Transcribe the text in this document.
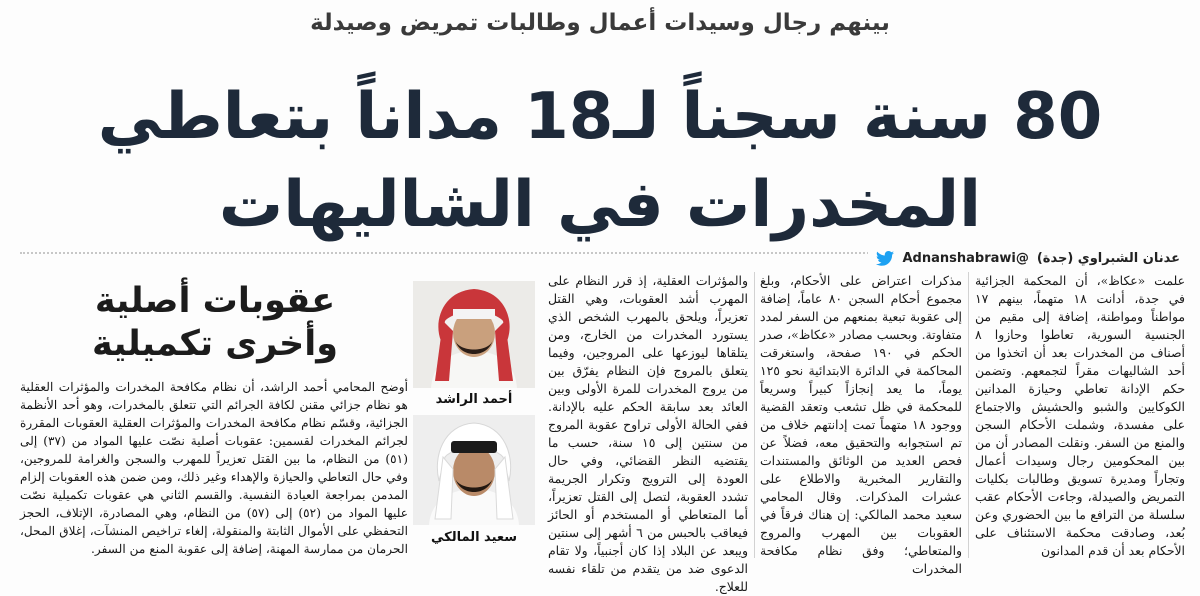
بينهم رجال وسيدات أعمال وطالبات تمريض وصيدلة
80 سنة سجناً لـ18 مداناً بتعاطي
المخدرات في الشاليهات
عدنان الشبراوي (جدة)
@Adnanshabrawi

علمت «عكاظ»، أن المحكمة الجزائية في جدة، أدانت ١٨ متهماً، بينهم ١٧ مواطناً ومواطنة، إضافة إلى مقيم من الجنسية السورية، تعاطوا وحازوا ٨ أصناف من المخدرات بعد أن اتخذوا من أحد الشاليهات مقراً لتجمعهم. وتضمن حكم الإدانة تعاطي وحيازة المدانين الكوكايين والشبو والحشيش والاجتماع على مفسدة، وشملت الأحكام السجن والمنع من السفر. ونقلت المصادر أن من بين المحكومين رجال وسيدات أعمال وتجاراً ومديرة تسويق وطالبات بكليات التمريض والصيدلة، وجاءت الأحكام عقب سلسلة من الترافع ما بين الحضوري وعن بُعد، وصادقت محكمة الاستئناف على الأحكام بعد أن قدم المدانون

مذكرات اعتراض على الأحكام، وبلغ مجموع أحكام السجن ٨٠ عاماً، إضافة إلى عقوبة تبعية بمنعهم من السفر لمدد متفاوتة. وبحسب مصادر «عكاظ»، صدر الحكم في ١٩٠ صفحة، واستغرقت المحاكمة في الدائرة الابتدائية نحو ١٢٥ يوماً، ما يعد إنجازاً كبيراً وسريعاً للمحكمة في ظل تشعب وتعقد القضية ووجود ١٨ متهماً تمت إدانتهم خلاف من تم استجوابه والتحقيق معه، فضلاً عن فحص العديد من الوثائق والمستندات والتقارير المخبرية والاطلاع على عشرات المذكرات. وقال المحامي سعيد محمد المالكي: إن هناك فرقاً في العقوبات بين المهرب والمروج والمتعاطي؛ وفق نظام مكافحة المخدرات

والمؤثرات العقلية، إذ قرر النظام على المهرب أشد العقوبات، وهي القتل تعزيراً، ويلحق بالمهرب الشخص الذي يستورد المخدرات من الخارج، ومن يتلقاها ليوزعها على المروجين، وفيما يتعلق بالمروج فإن النظام يفرّق بين من يروج المخدرات للمرة الأولى وبين العائد بعد سابقة الحكم عليه بالإدانة. ففي الحالة الأولى تراوح عقوبة المروج من سنتين إلى ١٥ سنة، حسب ما يقتضيه النظر القضائي، وفي حال العودة إلى الترويج وتكرار الجريمة تشدد العقوبة، لتصل إلى القتل تعزيراً، أما المتعاطي أو المستخدم أو الحائز فيعاقب بالحبس من ٦ أشهر إلى سنتين ويبعد عن البلاد إذا كان أجنبياً، ولا تقام الدعوى ضد من يتقدم من تلقاء نفسه للعلاج.

أحمد الراشد
سعيد المالكي
عقوبات أصلية
وأخرى تكميلية

أوضح المحامي أحمد الراشد، أن نظام مكافحة المخدرات والمؤثرات العقلية هو نظام جزائي مقنن لكافة الجرائم التي تتعلق بالمخدرات، وهو أحد الأنظمة الجزائية، وقسّم نظام مكافحة المخدرات والمؤثرات العقلية العقوبات المقررة لجرائم المخدرات لقسمين: عقوبات أصلية نصّت عليها المواد من (٣٧) إلى (٥١) من النظام، ما بين القتل تعزيراً للمهرب والسجن والغرامة للمروجين، وفي حال التعاطي والحيازة والإهداء وغير ذلك، ومن ضمن هذه العقوبات إلزام المدمن بمراجعة العيادة النفسية. والقسم الثاني هي عقوبات تكميلية نصّت عليها المواد من (٥٢) إلى (٥٧) من النظام، وهي المصادرة، الإتلاف، الحجز التحفظي على الأموال الثابتة والمنقولة، إلغاء تراخيص المنشآت، إغلاق المحل، الحرمان من ممارسة المهنة، إضافة إلى عقوبة المنع من السفر.
